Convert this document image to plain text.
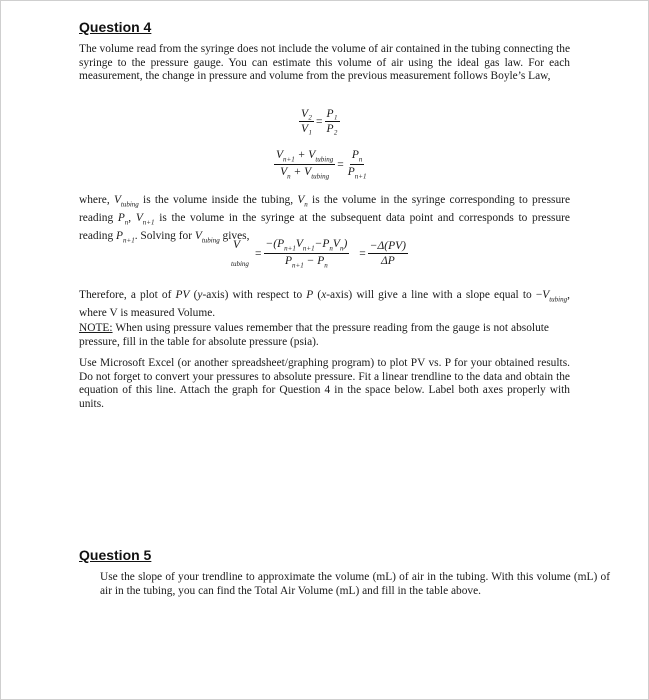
Question 4
The volume read from the syringe does not include the volume of air contained in the tubing connecting the syringe to the pressure gauge. You can estimate this volume of air using the ideal gas law. For each measurement, the change in pressure and volume from the previous measurement follows Boyle’s Law,
$\frac{\text{V₂}}{\text{V₁}} = \frac{\text{P₁}}{\text{P₂}}$
$\frac{V_{n+1} + V_{tubing}}{V_n + V_{tubing}} = \frac{P_n}{P_{n+1}}$
where, $V_{tubing}$ is the volume inside the tubing, $V_n$ is the volume in the syringe corresponding to pressure reading $P_n$, $V_{n+1}$ is the volume in the syringe at the subsequent data point and corresponds to pressure reading $P_{n+1}$. Solving for $V_{tubing}$ gives,
V
tubing
= $\frac{-(P_{n+1}V_{n+1}-P_nV_n)}{P_{n+1} - P_n} = \frac{-\Delta(PV)}{\Delta P}$
Therefore, a plot of PV (y-axis) with respect to P (x-axis) will give a line with a slope equal to $-V_{tubing}$, where V is measured Volume.
NOTE: When using pressure values remember that the pressure reading from the gauge is not absolute pressure, fill in the table for absolute pressure (psia).
Use Microsoft Excel (or another spreadsheet/graphing program) to plot PV vs. P for your obtained results. Do not forget to convert your pressures to absolute pressure. Fit a linear trendline to the data and obtain the equation of this line. Attach the graph for Question 4 in the space below. Label both axes properly with units.
Question 5
Use the slope of your trendline to approximate the volume (mL) of air in the tubing. With this volume (mL) of air in the tubing, you can find the Total Air Volume (mL) and fill in the table above.
